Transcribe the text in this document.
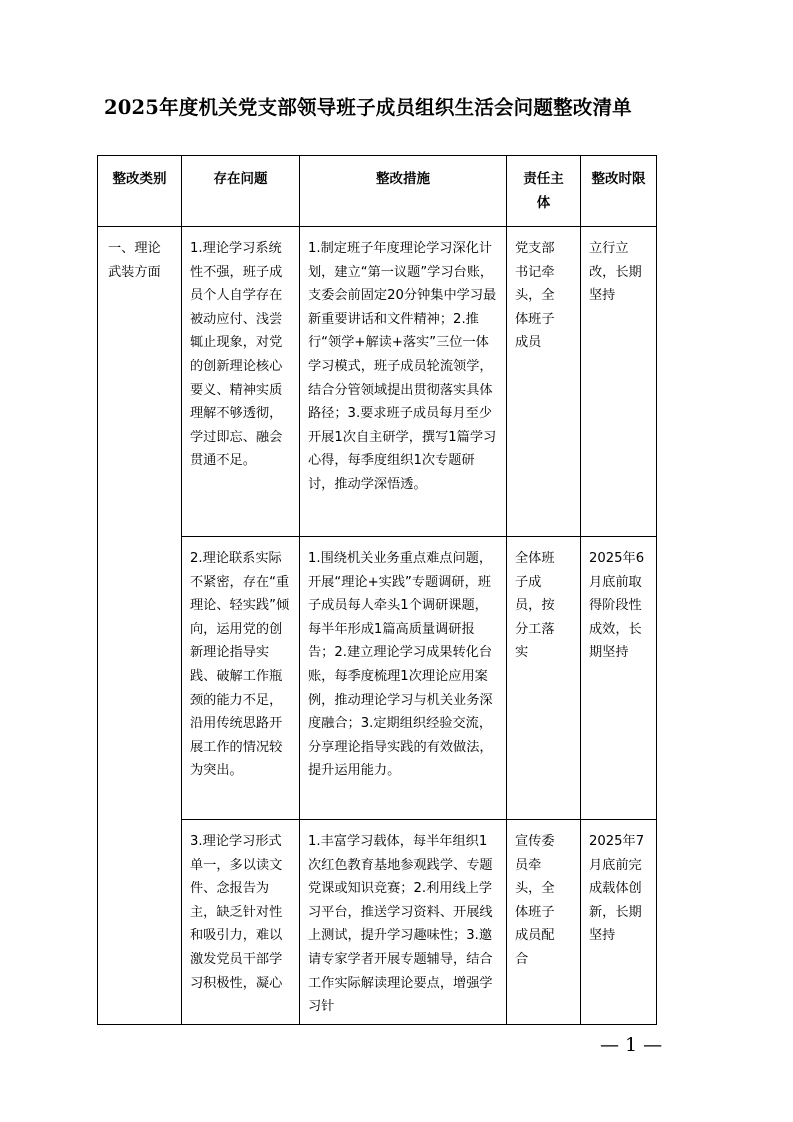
2025年度机关党支部领导班子成员组织生活会问题整改清单
整改类别	存在问题	整改措施	责任主体	整改时限

一、理论武装方面	1.理论学习系统性不强，班子成员个人自学存在被动应付、浅尝辄止现象，对党的创新理论核心要义、精神实质理解不够透彻，学过即忘、融会贯通不足。	1.制定班子年度理论学习深化计划，建立“第一议题”学习台账，支委会前固定20分钟集中学习最新重要讲话和文件精神；2.推行“领学+解读+落实”三位一体学习模式，班子成员轮流领学，结合分管领域提出贯彻落实具体路径；3.要求班子成员每月至少开展1次自主研学，撰写1篇学习心得，每季度组织1次专题研讨，推动学深悟透。	党支部书记牵头，全体班子成员	立行立改，长期坚持

	2.理论联系实际不紧密，存在“重理论、轻实践”倾向，运用党的创新理论指导实践、破解工作瓶颈的能力不足，沿用传统思路开展工作的情况较为突出。	1.围绕机关业务重点难点问题，开展“理论+实践”专题调研，班子成员每人牵头1个调研课题，每半年形成1篇高质量调研报告；2.建立理论学习成果转化台账，每季度梳理1次理论应用案例，推动理论学习与机关业务深度融合；3.定期组织经验交流，分享理论指导实践的有效做法，提升运用能力。	全体班子成员，按分工落实	2025年6月底前取得阶段性成效，长期坚持

	3.理论学习形式单一，多以读文件、念报告为主，缺乏针对性和吸引力，难以激发党员干部学习积极性，凝心	1.丰富学习载体，每半年组织1次红色教育基地参观践学、专题党课或知识竞赛；2.利用线上学习平台，推送学习资料、开展线上测试，提升学习趣味性；3.邀请专家学者开展专题辅导，结合工作实际解读理论要点，增强学习针	宣传委员牵头，全体班子成员配合	2025年7月底前完成载体创新，长期坚持
— 1 —
